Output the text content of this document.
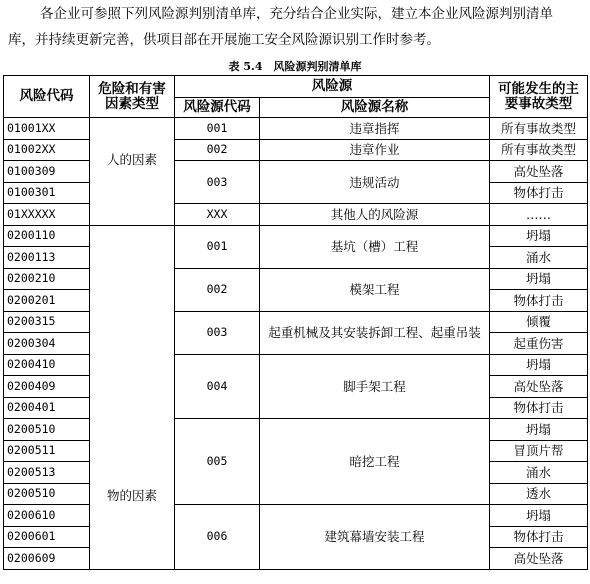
各企业可参照下列风险源判别清单库，充分结合企业实际，建立本企业风险源判别清单
库，并持续更新完善，供项目部在开展施工安全风险源识别工作时参考。
表 5.4　风险源判别清单库
风险代码	危险和有害因素类型	风险源		可能发生的主要事故类型
		风险源代码	风险源名称	
01001XX	人的因素	001	违章指挥	所有事故类型
01002XX		002	违章作业	所有事故类型
0100309		003	违规活动	高处坠落
0100301				物体打击
01XXXXX		XXX	其他人的风险源	……
0200110	物的因素	001	基坑（槽）工程	坍塌
0200113				涌水
0200210		002	模架工程	坍塌
0200201				物体打击
0200315		003	起重机械及其安装拆卸工程、起重吊装	倾覆
0200304				起重伤害
0200410		004	脚手架工程	坍塌
0200409				高处坠落
0200401				物体打击
0200510		005	暗挖工程	坍塌
0200511				冒顶片帮
0200513				涌水
0200510				透水
0200610		006	建筑幕墙安装工程	坍塌
0200601				物体打击
0200609				高处坠落
